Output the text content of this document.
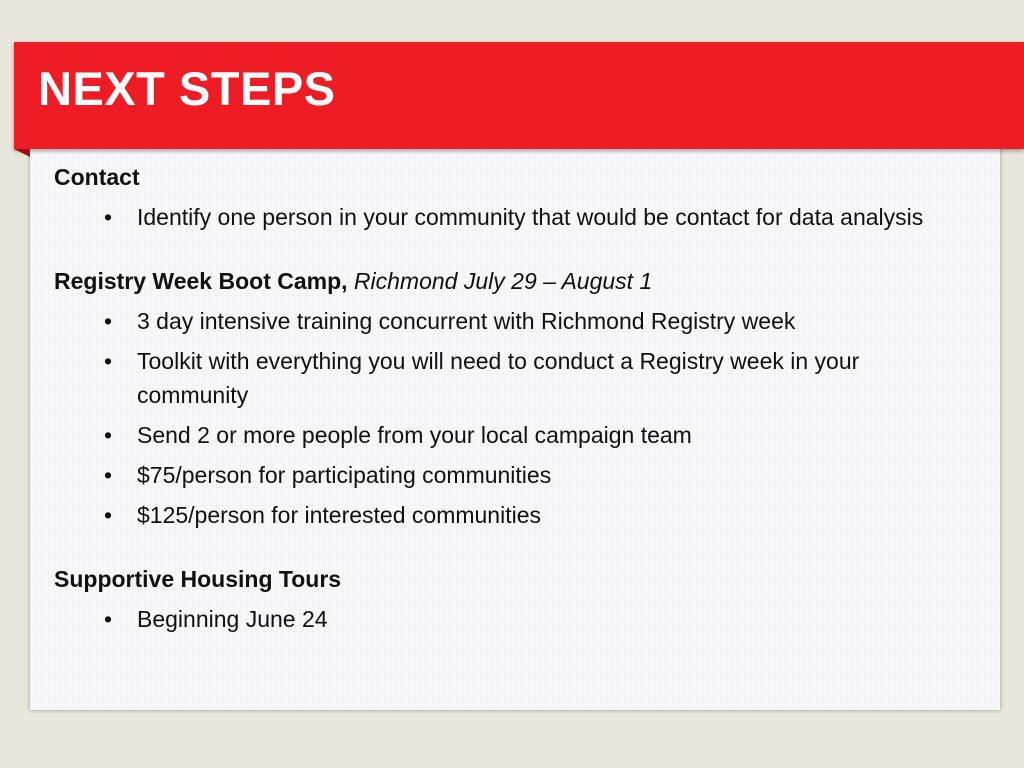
NEXT STEPS

Contact

• Identify one person in your community that would be contact for data analysis

Registry Week Boot Camp, Richmond July 29 – August 1

• 3 day intensive training concurrent with Richmond Registry week
• Toolkit with everything you will need to conduct a Registry week in your community
• Send 2 or more people from your local campaign team
• $75/person for participating communities
• $125/person for interested communities

Supportive Housing Tours

• Beginning June 24
